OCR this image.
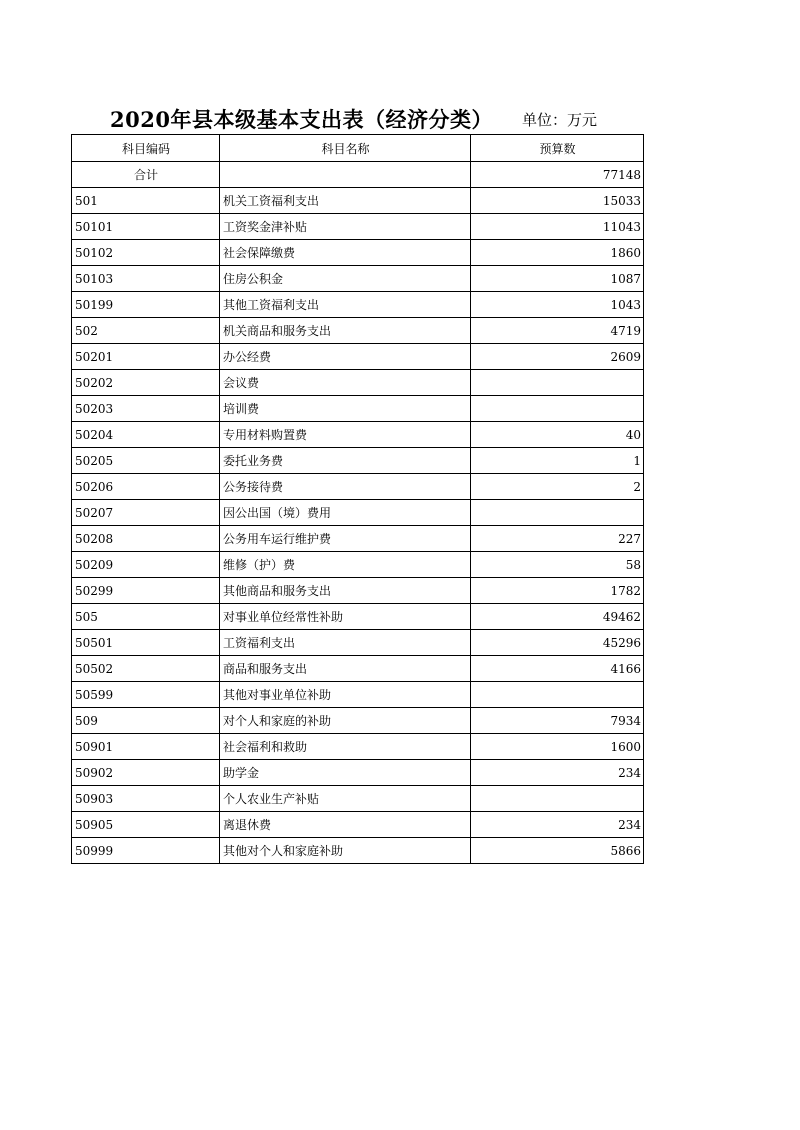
2020年县本级基本支出表（经济分类） 单位：万元
科目编码	科目名称	预算数
合计		77148
501	机关工资福利支出	15033
50101	工资奖金津补贴	11043
50102	社会保障缴费	1860
50103	住房公积金	1087
50199	其他工资福利支出	1043
502	机关商品和服务支出	4719
50201	办公经费	2609
50202	会议费	
50203	培训费	
50204	专用材料购置费	40
50205	委托业务费	1
50206	公务接待费	2
50207	因公出国（境）费用	
50208	公务用车运行维护费	227
50209	维修（护）费	58
50299	其他商品和服务支出	1782
505	对事业单位经常性补助	49462
50501	工资福利支出	45296
50502	商品和服务支出	4166
50599	其他对事业单位补助	
509	对个人和家庭的补助	7934
50901	社会福利和救助	1600
50902	助学金	234
50903	个人农业生产补贴	
50905	离退休费	234
50999	其他对个人和家庭补助	5866
